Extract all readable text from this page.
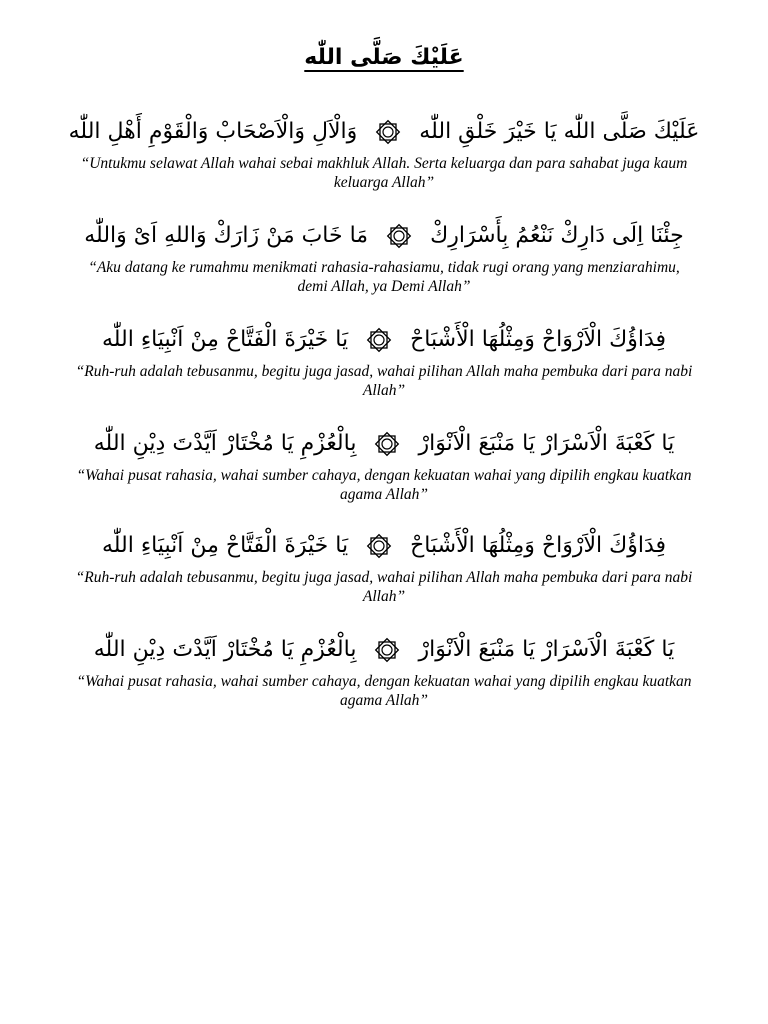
عَلَيْكَ صَلَّى اللّٰه
عَلَيْكَ صَلَّى اللّٰه يَا خَيْرَ خَلْقِ اللّٰه  وَالْاَلِ وَالْاَصْحَابْ وَالْقَوْمِ أَهْلِ اللّٰه
“Untukmu selawat Allah wahai sebai makhluk Allah. Serta keluarga dan para sahabat juga kaum keluarga Allah”
جِئْنَا اِلَى دَارِكْ نَنْعُمُ بِأَسْرَارِكْ  مَا خَابَ مَنْ زَارَكْ وَاللهِ اَىْ وَاللّٰه
“Aku datang ke rumahmu menikmati rahasia-rahasiamu, tidak rugi orang yang menziarahimu, demi Allah, ya Demi Allah”
فِدَاؤُكَ الْاَرْوَاحْ وَمِثْلُهَا الْأَشْبَاحْ  يَا خَيْرَةَ الْفَتَّاحْ مِنْ اَنْبِيَاءِ اللّٰه
“Ruh-ruh adalah tebusanmu, begitu juga jasad, wahai pilihan Allah maha pembuka dari para nabi Allah”
يَا كَعْبَةَ الْاَسْرَارْ يَا مَنْبَعَ الْاَنْوَارْ  بِالْعُزْمِ يَا مُخْتَارْ اَيَّدْتَ دِيْنِ اللّٰه
“Wahai pusat rahasia, wahai sumber cahaya, dengan kekuatan wahai yang dipilih engkau kuatkan agama Allah”
فِدَاؤُكَ الْاَرْوَاحْ وَمِثْلُهَا الْأَشْبَاحْ  يَا خَيْرَةَ الْفَتَّاحْ مِنْ اَنْبِيَاءِ اللّٰه
“Ruh-ruh adalah tebusanmu, begitu juga jasad, wahai pilihan Allah maha pembuka dari para nabi Allah”
يَا كَعْبَةَ الْاَسْرَارْ يَا مَنْبَعَ الْاَنْوَارْ  بِالْعُزْمِ يَا مُخْتَارْ اَيَّدْتَ دِيْنِ اللّٰه
“Wahai pusat rahasia, wahai sumber cahaya, dengan kekuatan wahai yang dipilih engkau kuatkan agama Allah”
